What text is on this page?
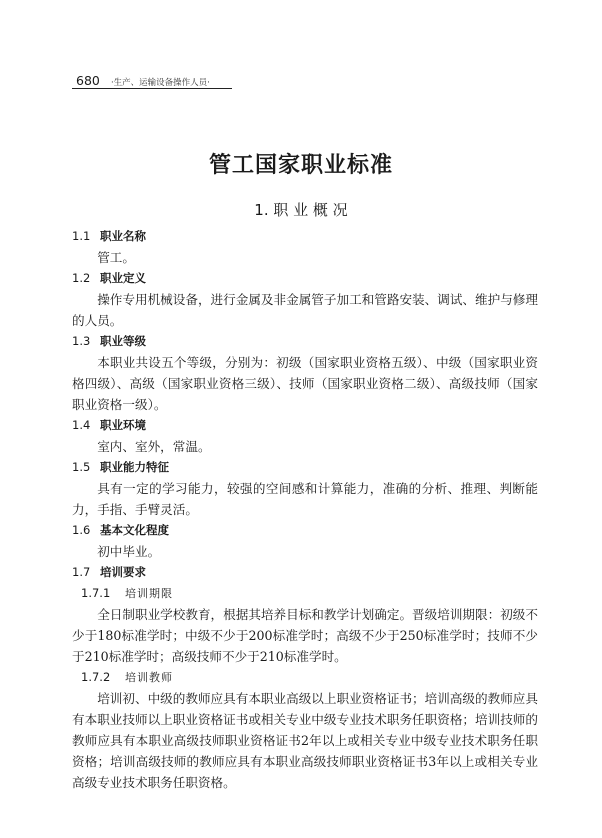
680 ·生产、运输设备操作人员·
管工国家职业标准
1. 职 业 概 况

1.1 职业名称

管工。

1.2 职业定义

操作专用机械设备，进行金属及非金属管子加工和管路安装、调试、维护与修理的人员。

1.3 职业等级

本职业共设五个等级，分别为：初级（国家职业资格五级）、中级（国家职业资格四级）、高级（国家职业资格三级）、技师（国家职业资格二级）、高级技师（国家职业资格一级）。

1.4 职业环境

室内、室外，常温。

1.5 职业能力特征

具有一定的学习能力，较强的空间感和计算能力，准确的分析、推理、判断能力，手指、手臂灵活。

1.6 基本文化程度

初中毕业。

1.7 培训要求

1.7.1 培训期限

全日制职业学校教育，根据其培养目标和教学计划确定。晋级培训期限：初级不少于180标准学时；中级不少于200标准学时；高级不少于250标准学时；技师不少于210标准学时；高级技师不少于210标准学时。

1.7.2 培训教师

培训初、中级的教师应具有本职业高级以上职业资格证书；培训高级的教师应具有本职业技师以上职业资格证书或相关专业中级专业技术职务任职资格；培训技师的教师应具有本职业高级技师职业资格证书2年以上或相关专业中级专业技术职务任职资格；培训高级技师的教师应具有本职业高级技师职业资格证书3年以上或相关专业高级专业技术职务任职资格。
